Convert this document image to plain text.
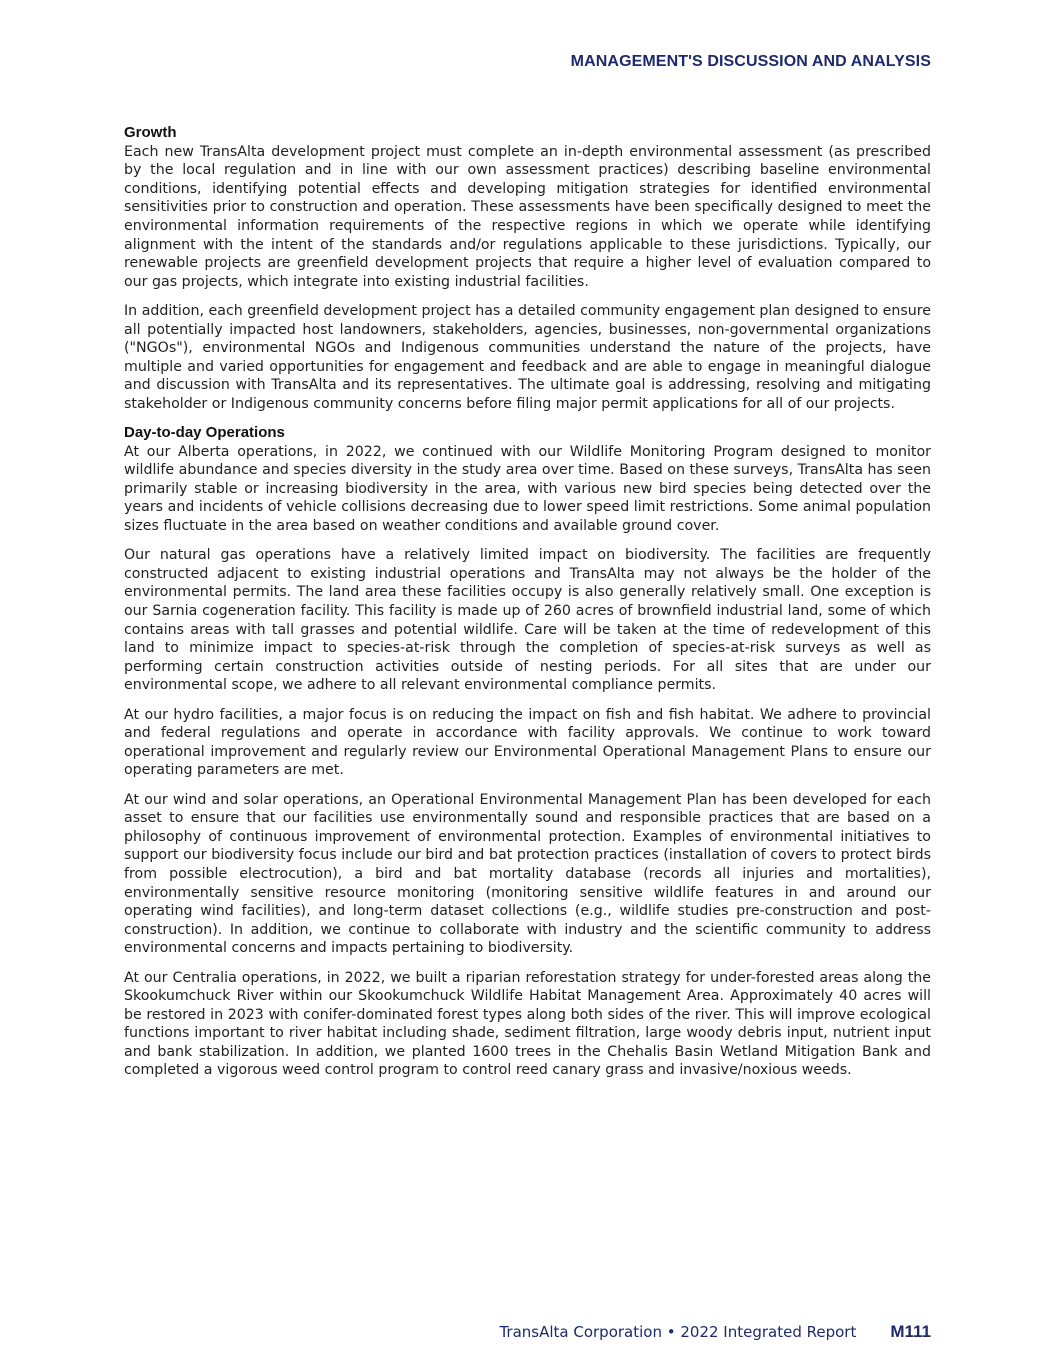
MANAGEMENT'S DISCUSSION AND ANALYSIS
Growth

Each new TransAlta development project must complete an in-depth environmental assessment (as prescribed by the local regulation and in line with our own assessment practices) describing baseline environmental conditions, identifying potential effects and developing mitigation strategies for identified environmental sensitivities prior to construction and operation. These assessments have been specifically designed to meet the environmental information requirements of the respective regions in which we operate while identifying alignment with the intent of the standards and/or regulations applicable to these jurisdictions. Typically, our renewable projects are greenfield development projects that require a higher level of evaluation compared to our gas projects, which integrate into existing industrial facilities.

In addition, each greenfield development project has a detailed community engagement plan designed to ensure all potentially impacted host landowners, stakeholders, agencies, businesses, non-governmental organizations ("NGOs"), environmental NGOs and Indigenous communities understand the nature of the projects, have multiple and varied opportunities for engagement and feedback and are able to engage in meaningful dialogue and discussion with TransAlta and its representatives. The ultimate goal is addressing, resolving and mitigating stakeholder or Indigenous community concerns before filing major permit applications for all of our projects.

Day-to-day Operations

At our Alberta operations, in 2022, we continued with our Wildlife Monitoring Program designed to monitor wildlife abundance and species diversity in the study area over time. Based on these surveys, TransAlta has seen primarily stable or increasing biodiversity in the area, with various new bird species being detected over the years and incidents of vehicle collisions decreasing due to lower speed limit restrictions. Some animal population sizes fluctuate in the area based on weather conditions and available ground cover.

Our natural gas operations have a relatively limited impact on biodiversity. The facilities are frequently constructed adjacent to existing industrial operations and TransAlta may not always be the holder of the environmental permits. The land area these facilities occupy is also generally relatively small. One exception is our Sarnia cogeneration facility. This facility is made up of 260 acres of brownfield industrial land, some of which contains areas with tall grasses and potential wildlife. Care will be taken at the time of redevelopment of this land to minimize impact to species-at-risk through the completion of species-at-risk surveys as well as performing certain construction activities outside of nesting periods. For all sites that are under our environmental scope, we adhere to all relevant environmental compliance permits.

At our hydro facilities, a major focus is on reducing the impact on fish and fish habitat. We adhere to provincial and federal regulations and operate in accordance with facility approvals. We continue to work toward operational improvement and regularly review our Environmental Operational Management Plans to ensure our operating parameters are met.

At our wind and solar operations, an Operational Environmental Management Plan has been developed for each asset to ensure that our facilities use environmentally sound and responsible practices that are based on a philosophy of continuous improvement of environmental protection. Examples of environmental initiatives to support our biodiversity focus include our bird and bat protection practices (installation of covers to protect birds from possible electrocution), a bird and bat mortality database (records all injuries and mortalities), environmentally sensitive resource monitoring (monitoring sensitive wildlife features in and around our operating wind facilities), and long-term dataset collections (e.g., wildlife studies pre-construction and post-construction). In addition, we continue to collaborate with industry and the scientific community to address environmental concerns and impacts pertaining to biodiversity.

At our Centralia operations, in 2022, we built a riparian reforestation strategy for under-forested areas along the Skookumchuck River within our Skookumchuck Wildlife Habitat Management Area. Approximately 40 acres will be restored in 2023 with conifer-dominated forest types along both sides of the river. This will improve ecological functions important to river habitat including shade, sediment filtration, large woody debris input, nutrient input and bank stabilization. In addition, we planted 1600 trees in the Chehalis Basin Wetland Mitigation Bank and completed a vigorous weed control program to control reed canary grass and invasive/noxious weeds.

TransAlta Corporation • 2022 Integrated Report M111
